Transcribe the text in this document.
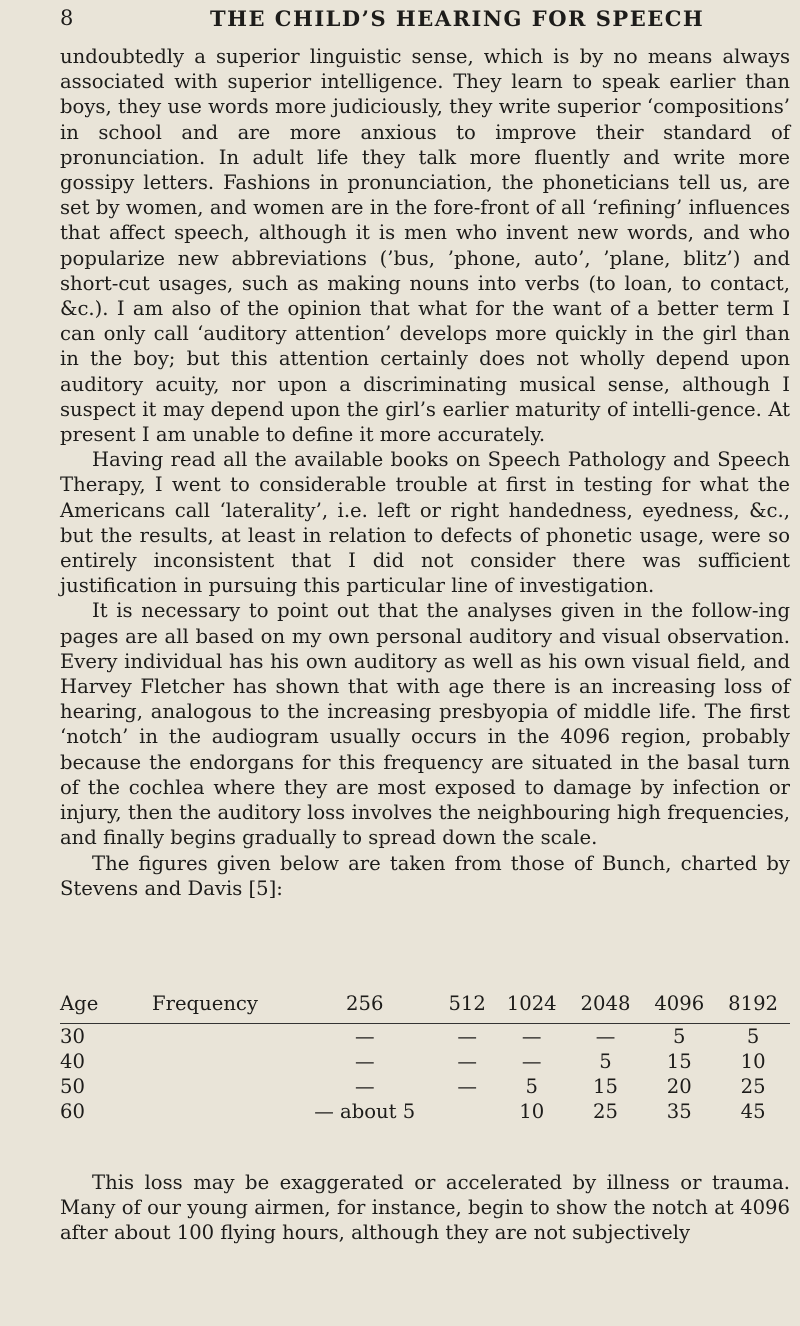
8	THE CHILD’S HEARING FOR SPEECH

undoubtedly a superior linguistic sense, which is by no means always associated with superior intelligence. They learn to speak earlier than boys, they use words more judiciously, they write superior ‘compositions’ in school and are more anxious to improve their standard of pronunciation. In adult life they talk more fluently and write more gossipy letters. Fashions in pronunciation, the phoneticians tell us, are set by women, and women are in the fore-front of all ‘refining’ influences that affect speech, although it is men who invent new words, and who popularize new abbreviations (’bus, ’phone, auto’, ’plane, blitz’) and short-cut usages, such as making nouns into verbs (to loan, to contact, &c.). I am also of the opinion that what for the want of a better term I can only call ‘auditory attention’ develops more quickly in the girl than in the boy; but this attention certainly does not wholly depend upon auditory acuity, nor upon a discriminating musical sense, although I suspect it may depend upon the girl’s earlier maturity of intelli-gence. At present I am unable to define it more accurately.

Having read all the available books on Speech Pathology and Speech Therapy, I went to considerable trouble at first in testing for what the Americans call ‘laterality’, i.e. left or right handedness, eyedness, &c., but the results, at least in relation to defects of phonetic usage, were so entirely inconsistent that I did not consider there was sufficient justification in pursuing this particular line of investigation.

It is necessary to point out that the analyses given in the follow-ing pages are all based on my own personal auditory and visual observation. Every individual has his own auditory as well as his own visual field, and Harvey Fletcher has shown that with age there is an increasing loss of hearing, analogous to the increasing presbyopia of middle life. The first ‘notch’ in the audiogram usually occurs in the 4096 region, probably because the endorgans for this frequency are situated in the basal turn of the cochlea where they are most exposed to damage by infection or injury, then the auditory loss involves the neighbouring high frequencies, and finally begins gradually to spread down the scale.

The figures given below are taken from those of Bunch, charted by Stevens and Davis [5]:

Age	Frequency	256	512	1024	2048	4096	8192
30		—	—	—	—	5	5
40		—	—	—	5	15	10
50		—	—	5	15	20	25
60		— about 5		10	25	35	45

This loss may be exaggerated or accelerated by illness or trauma. Many of our young airmen, for instance, begin to show the notch at 4096 after about 100 flying hours, although they are not subjectively
